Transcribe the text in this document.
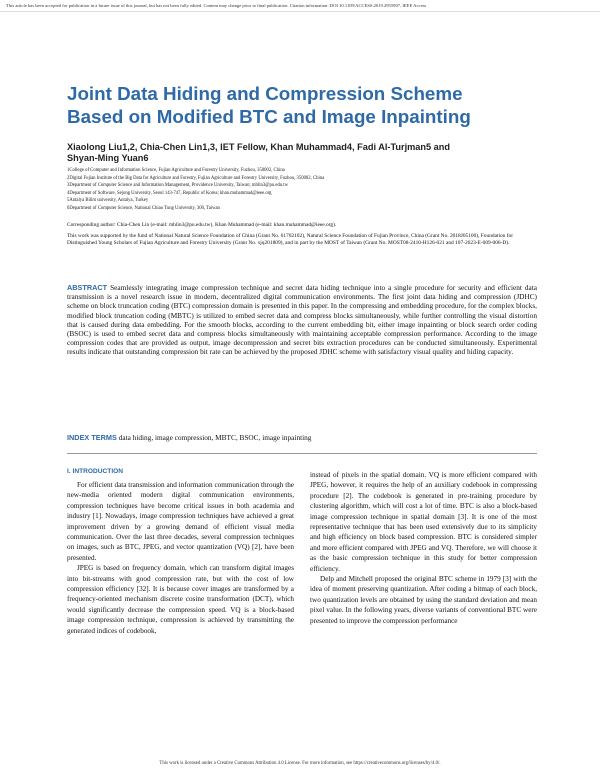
This article has been accepted for publication in a future issue of this journal, but has not been fully edited. Content may change prior to final publication. Citation information: DOI 10.1109/ACCESS.2019.2955907, IEEE Access
Joint Data Hiding and Compression Scheme
Based on Modified BTC and Image Inpainting
Xiaolong Liu1,2, Chia-Chen Lin1,3, IET Fellow, Khan Muhammad4, Fadi Al-Turjman5 and
Shyan-Ming Yuan6
1College of Computer and Information Science, Fujian Agriculture and Forestry University, Fuzhou, 350002, China
2Digital Fujian Institute of the Big Data for Agriculture and Forestry, Fujian Agriculture and Forestry University, Fuzhou, 350002, China
3Department of Computer Science and Information Management, Providence University, Taiwan; mhlin3@pu.edu.tw
4Department of Software, Sejong University, Seoul 143-747, Republic of Korea; khan.muhammad@ieee.org
5Antalya Bilim university, Antalya, Turkey
6Department of Computer Science, National Chiao Tung University, 300, Taiwan
Corresponding author: Chia-Chen Lin (e-mail: mhlin3@pu.edu.tw), Khan Muhammad (e-mail: khan.muhammad@ieee.org).
This work was supported by the fund of National Natural Science Foundation of China (Grant No. 61702102), Natural Science Foundation of Fujian Province, China (Grant No. 2018J05100), Foundation for Distinguished Young Scholars of Fujian Agriculture and Forestry University (Grant No. xjq201809), and in part by the MOST of Taiwan (Grant No. MOST08-2410-H126-021 and 107-2623-E-009-006-D).
ABSTRACT Seamlessly integrating image compression technique and secret data hiding technique into a single procedure for security and efficient data transmission is a novel research issue in modern, decentralized digital communication environments. The first joint data hiding and compression (JDHC) scheme on block truncation coding (BTC) compression domain is presented in this paper. In the compressing and embedding procedure, for the complex blocks, modified block truncation coding (MBTC) is utilized to embed secret data and compress blocks simultaneously, while further controlling the visual distortion that is caused during data embedding. For the smooth blocks, according to the current embedding bit, either image inpainting or block search order coding (BSOC) is used to embed secret data and compress blocks simultaneously with maintaining acceptable compression performance. According to the image compression codes that are provided as output, image decompression and secret bits extraction procedures can be conducted simultaneously. Experimental results indicate that outstanding compression bit rate can be achieved by the proposed JDHC scheme with satisfactory visual quality and hiding capacity.
INDEX TERMS data hiding, image compression, MBTC, BSOC, image inpainting
I. INTRODUCTION

For efficient data transmission and information communication through the new-media oriented modern digital communication environments, compression techniques have become critical issues in both academia and industry [1]. Nowadays, image compression techniques have achieved a great improvement driven by a growing demand of efficient visual media communication. Over the last three decades, several compression techniques on images, such as BTC, JPEG, and vector quantization (VQ) [2], have been presented.

JPEG is based on frequency domain, which can transform digital images into bit-streams with good compression rate, but with the cost of low compression efficiency [32]. It is because cover images are transformed by a frequency-oriented mechanism discrete cosine transformation (DCT), which would significantly decrease the compression speed. VQ is a block-based image compression technique, compression is achieved by transmitting the generated indices of codebook,

instead of pixels in the spatial domain. VQ is more efficient compared with JPEG, however, it requires the help of an auxiliary codebook in compressing procedure [2]. The codebook is generated in pre-training procedure by clustering algorithm, which will cost a lot of time. BTC is also a block-based image compression technique in spatial domain [3]. It is one of the most representative technique that has been used extensively due to its simplicity and high efficiency on block based compression. BTC is considered simpler and more efficient compared with JPEG and VQ. Therefore, we will choose it as the basic compression technique in this study for better compression efficiency.

Delp and Mitchell proposed the original BTC scheme in 1979 [3] with the idea of moment preserving quantization. After coding a bitmap of each block, two quantization levels are obtained by using the standard deviation and mean pixel value. In the following years, diverse variants of conventional BTC were presented to improve the compression performance

This work is licensed under a Creative Commons Attribution 4.0 License. For more information, see https://creativecommons.org/licenses/by/4.0/.
